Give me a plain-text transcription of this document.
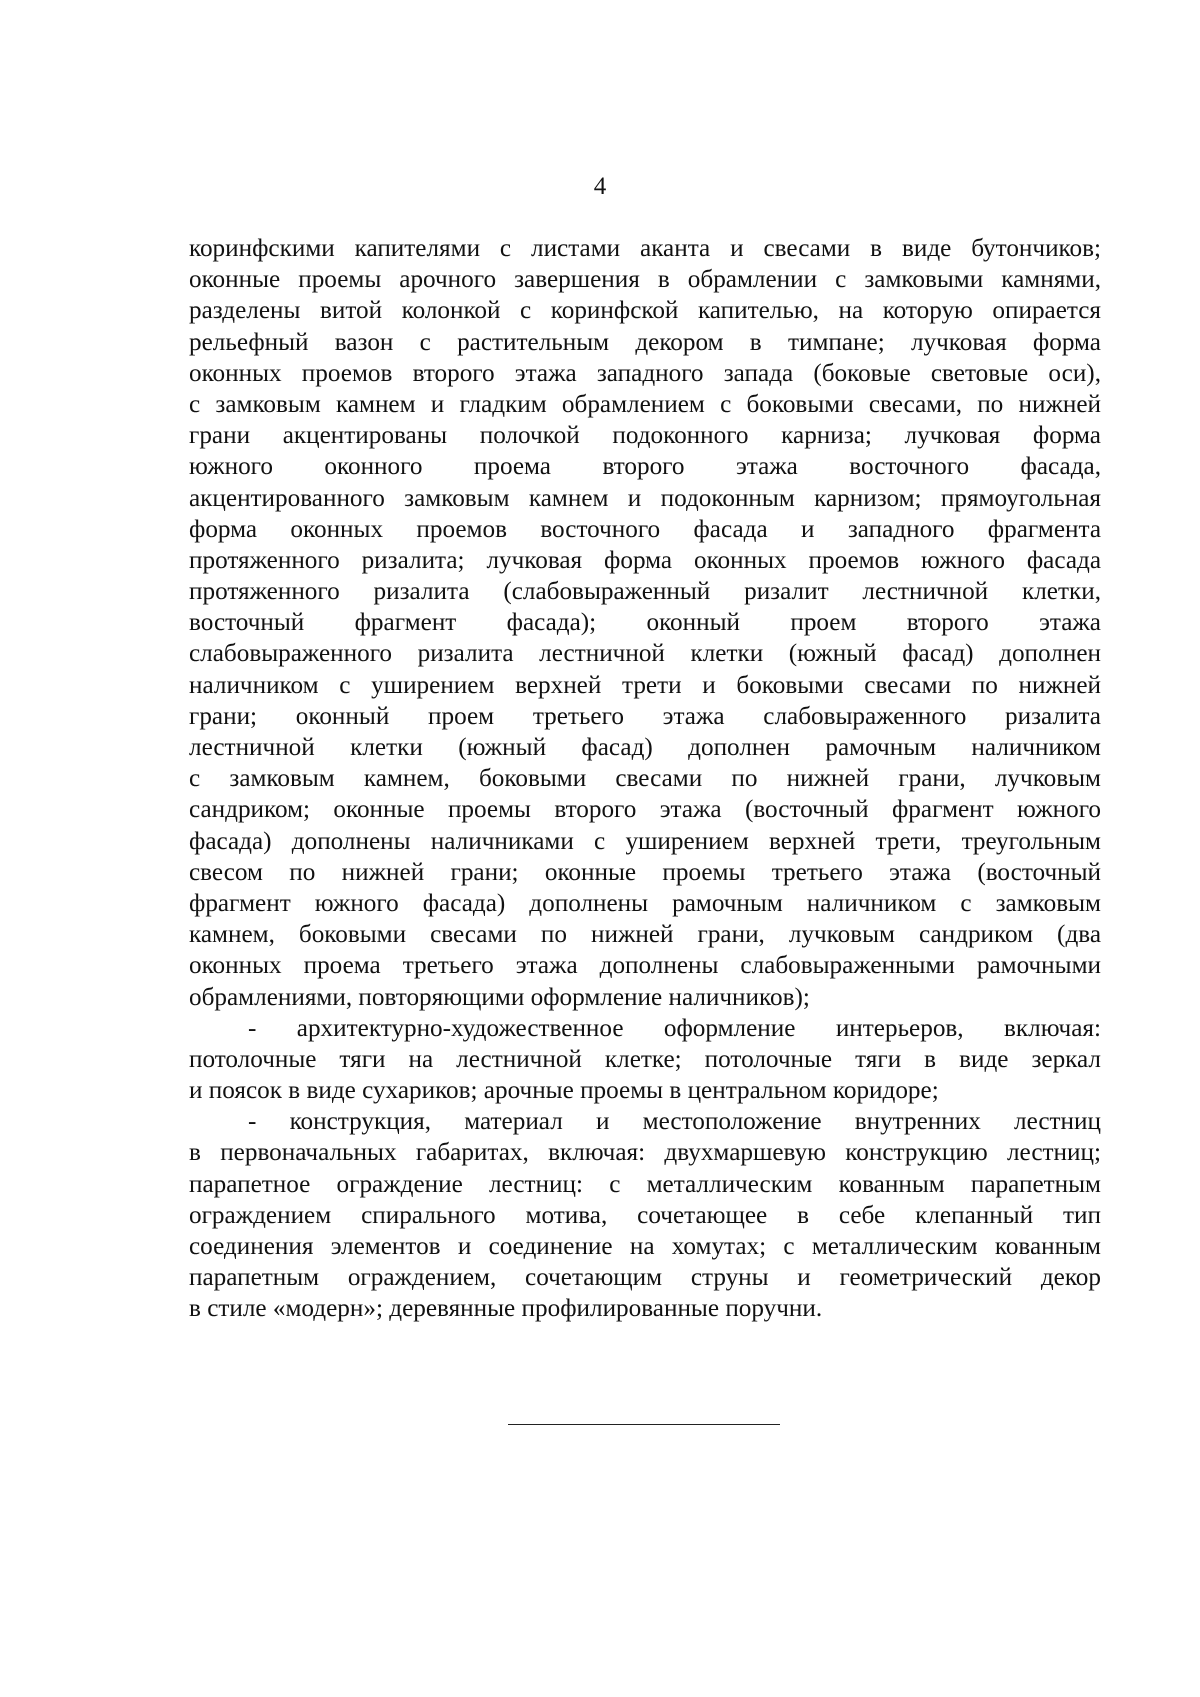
4
коринфскими капителями с листами аканта и свесами в виде бутончиков;
оконные проемы арочного завершения в обрамлении с замковыми камнями,
разделены витой колонкой с коринфской капителью, на которую опирается
рельефный вазон с растительным декором в тимпане; лучковая форма
оконных проемов второго этажа западного запада (боковые световые оси),
с замковым камнем и гладким обрамлением с боковыми свесами, по нижней
грани акцентированы полочкой подоконного карниза; лучковая форма
южного оконного проема второго этажа восточного фасада,
акцентированного замковым камнем и подоконным карнизом; прямоугольная
форма оконных проемов восточного фасада и западного фрагмента
протяженного ризалита; лучковая форма оконных проемов южного фасада
протяженного ризалита (слабовыраженный ризалит лестничной клетки,
восточный фрагмент фасада); оконный проем второго этажа
слабовыраженного ризалита лестничной клетки (южный фасад) дополнен
наличником с уширением верхней трети и боковыми свесами по нижней
грани; оконный проем третьего этажа слабовыраженного ризалита
лестничной клетки (южный фасад) дополнен рамочным наличником
с замковым камнем, боковыми свесами по нижней грани, лучковым
сандриком; оконные проемы второго этажа (восточный фрагмент южного
фасада) дополнены наличниками с уширением верхней трети, треугольным
свесом по нижней грани; оконные проемы третьего этажа (восточный
фрагмент южного фасада) дополнены рамочным наличником с замковым
камнем, боковыми свесами по нижней грани, лучковым сандриком (два
оконных проема третьего этажа дополнены слабовыраженными рамочными
обрамлениями, повторяющими оформление наличников);
- архитектурно-художественное оформление интерьеров, включая:
потолочные тяги на лестничной клетке; потолочные тяги в виде зеркал
и поясок в виде сухариков; арочные проемы в центральном коридоре;
- конструкция, материал и местоположение внутренних лестниц
в первоначальных габаритах, включая: двухмаршевую конструкцию лестниц;
парапетное ограждение лестниц: с металлическим кованным парапетным
ограждением спирального мотива, сочетающее в себе клепанный тип
соединения элементов и соединение на хомутах; с металлическим кованным
парапетным ограждением, сочетающим струны и геометрический декор
в стиле «модерн»; деревянные профилированные поручни.
